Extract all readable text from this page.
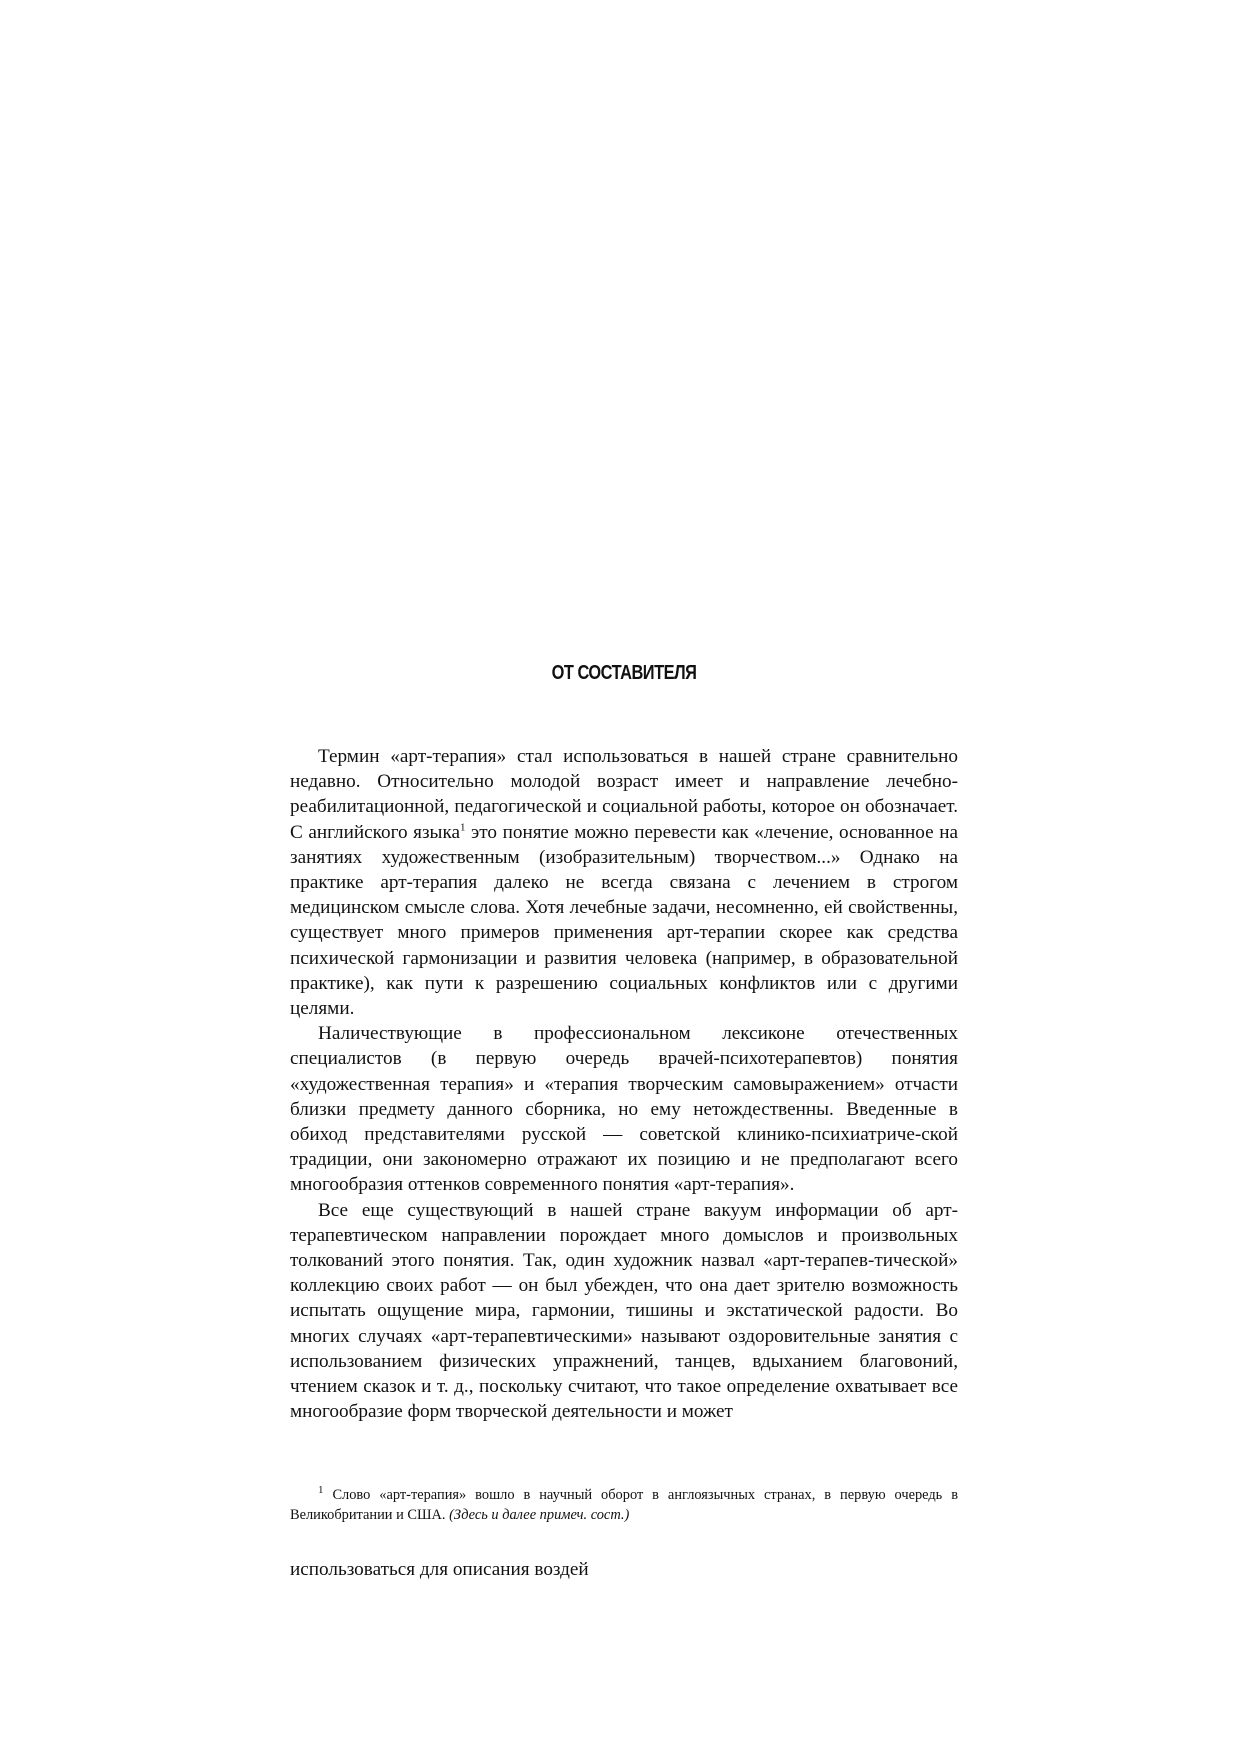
ОТ СОСТАВИТЕЛЯ

Термин «арт-терапия» стал использоваться в нашей стране сравнительно недавно. Относительно молодой возраст имеет и направление лечебно-реабилитационной, педагогической и социальной работы, которое он обозначает. С английского языка$^1$ это понятие можно перевести как «лечение, основанное на занятиях художественным (изобразительным) творчеством...» Однако на практике арт-терапия далеко не всегда связана с лечением в строгом медицинском смысле слова. Хотя лечебные задачи, несомненно, ей свойственны, существует много примеров применения арт-терапии скорее как средства психической гармонизации и развития человека (например, в образовательной практике), как пути к разрешению социальных конфликтов или с другими целями.

Наличествующие в профессиональном лексиконе отечественных специалистов (в первую очередь врачей-психотерапевтов) понятия «художественная терапия» и «терапия творческим самовыражением» отчасти близки предмету данного сборника, но ему нетождественны. Введенные в обиход представителями русской — советской клинико-психиатриче-ской традиции, они закономерно отражают их позицию и не предполагают всего многообразия оттенков современного понятия «арт-терапия».

Все еще существующий в нашей стране вакуум информации об арт-терапевтическом направлении порождает много домыслов и произвольных толкований этого понятия. Так, один художник назвал «арт-терапев-тической» коллекцию своих работ — он был убежден, что она дает зрителю возможность испытать ощущение мира, гармонии, тишины и экстатической радости. Во многих случаях «арт-терапевтическими» называют оздоровительные занятия с использованием физических упражнений, танцев, вдыханием благовоний, чтением сказок и т. д., поскольку считают, что такое определение охватывает все многообразие форм творческой деятельности и может

$^1$ Слово «арт-терапия» вошло в научный оборот в англоязычных странах, в первую очередь в Великобритании и США. (Здесь и далее примеч. сост.)
использоваться для описания воздей
